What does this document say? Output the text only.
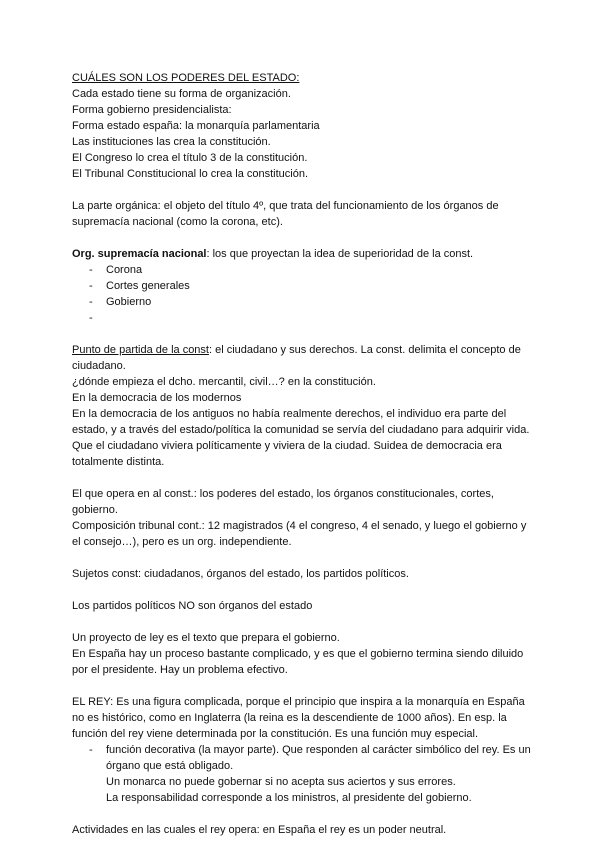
CUÁLES SON LOS PODERES DEL ESTADO:
Cada estado tiene su forma de organización.
Forma gobierno presidencialista:
Forma estado españa: la monarquía parlamentaria
Las instituciones las crea la constitución.
El Congreso lo crea el título 3 de la constitución.
El Tribunal Constitucional lo crea la constitución.
La parte orgánica: el objeto del título 4º, que trata del funcionamiento de los órganos de supremacía nacional (como la corona, etc).
Org. supremacía nacional: los que proyectan la idea de superioridad de la const.
- Corona
- Cortes generales
- Gobierno
-

Punto de partida de la const: el ciudadano y sus derechos. La const. delimita el concepto de ciudadano.
¿dónde empieza el dcho. mercantil, civil…? en la constitución.
En la democracia de los modernos
En la democracia de los antiguos no había realmente derechos, el individuo era parte del estado, y a través del estado/política la comunidad se servía del ciudadano para adquirir vida. Que el ciudadano viviera políticamente y viviera de la ciudad. Suidea de democracia era totalmente distinta.
El que opera en al const.: los poderes del estado, los órganos constitucionales, cortes, gobierno.
Composición tribunal cont.: 12 magistrados (4 el congreso, 4 el senado, y luego el gobierno y el consejo…), pero es un org. independiente.
Sujetos const: ciudadanos, órganos del estado, los partidos políticos.
Los partidos políticos NO son órganos del estado
Un proyecto de ley es el texto que prepara el gobierno.
En España hay un proceso bastante complicado, y es que el gobierno termina siendo diluido por el presidente. Hay un problema efectivo.
EL REY: Es una figura complicada, porque el principio que inspira a la monarquía en España no es histórico, como en Inglaterra (la reina es la descendiente de 1000 años). En esp. la función del rey viene determinada por la constitución. Es una función muy especial.
- función decorativa (la mayor parte). Que responden al carácter simbólico del rey. Es un órgano que está obligado.
Un monarca no puede gobernar si no acepta sus aciertos y sus errores.
La responsabilidad corresponde a los ministros, al presidente del gobierno.
Actividades en las cuales el rey opera: en España el rey es un poder neutral.
